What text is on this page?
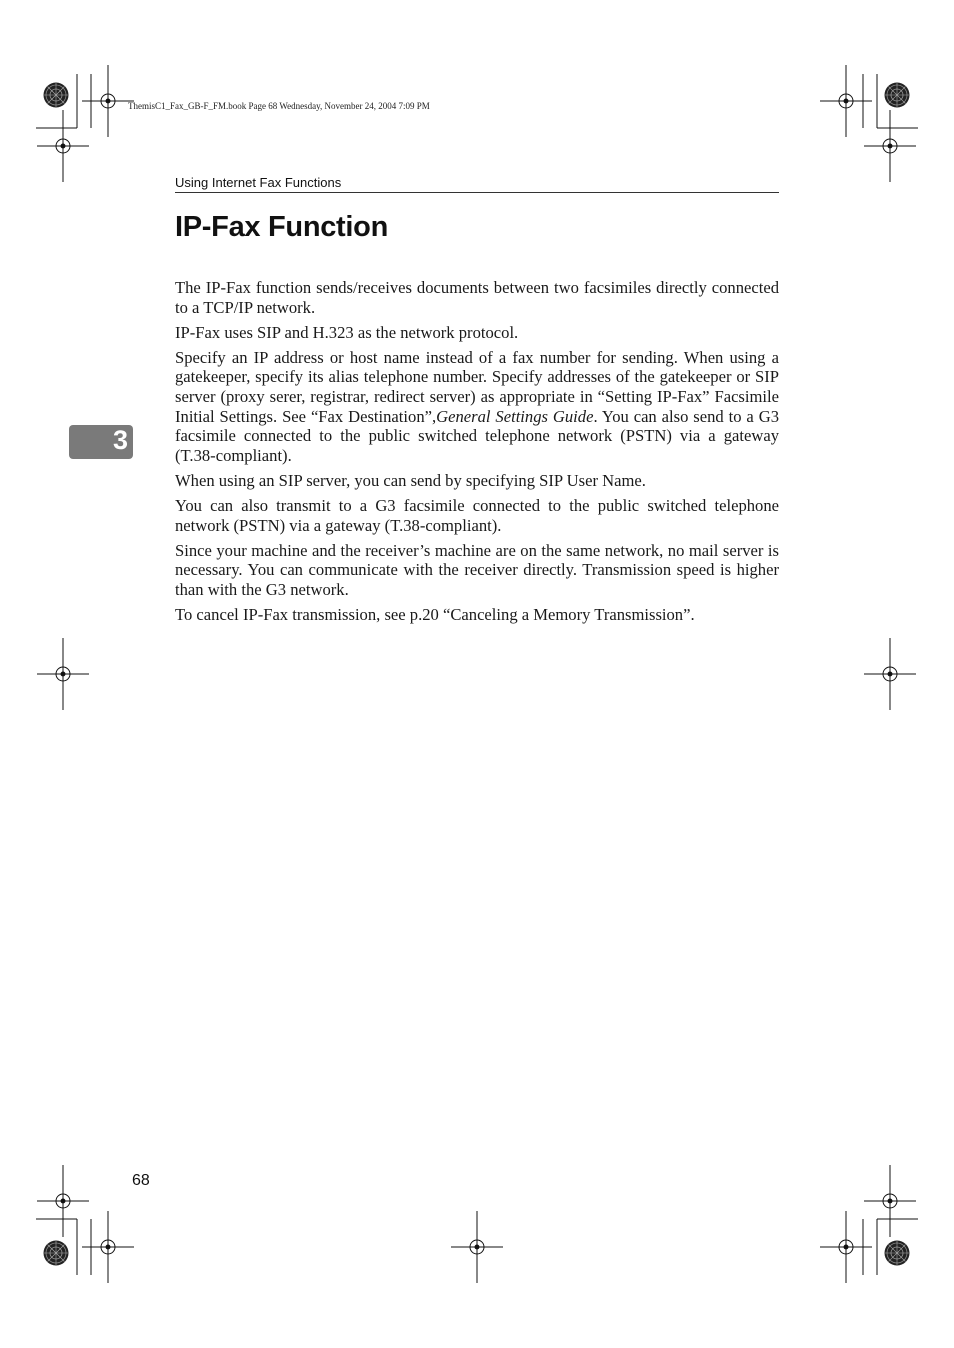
ThemisC1_Fax_GB-F_FM.book Page 68 Wednesday, November 24, 2004 7:09 PM
Using Internet Fax Functions
IP-Fax Function
3

The IP-Fax function sends/receives documents between two facsimiles directly connected to a TCP/IP network.

IP-Fax uses SIP and H.323 as the network protocol.

Specify an IP address or host name instead of a fax number for sending. When using a gatekeeper, specify its alias telephone number. Specify addresses of the gatekeeper or SIP server (proxy serer, registrar, redirect server) as appropriate in “Setting IP-Fax” Facsimile Initial Settings. See “Fax Destination”,General Settings Guide. You can also send to a G3 facsimile connected to the public switched telephone network (PSTN) via a gateway (T.38-compliant).

When using an SIP server, you can send by specifying SIP User Name.

You can also transmit to a G3 facsimile connected to the public switched telephone network (PSTN) via a gateway (T.38-compliant).

Since your machine and the receiver’s machine are on the same network, no mail server is necessary. You can communicate with the receiver directly. Transmission speed is higher than with the G3 network.

To cancel IP-Fax transmission, see p.20 “Canceling a Memory Transmission”.

68
